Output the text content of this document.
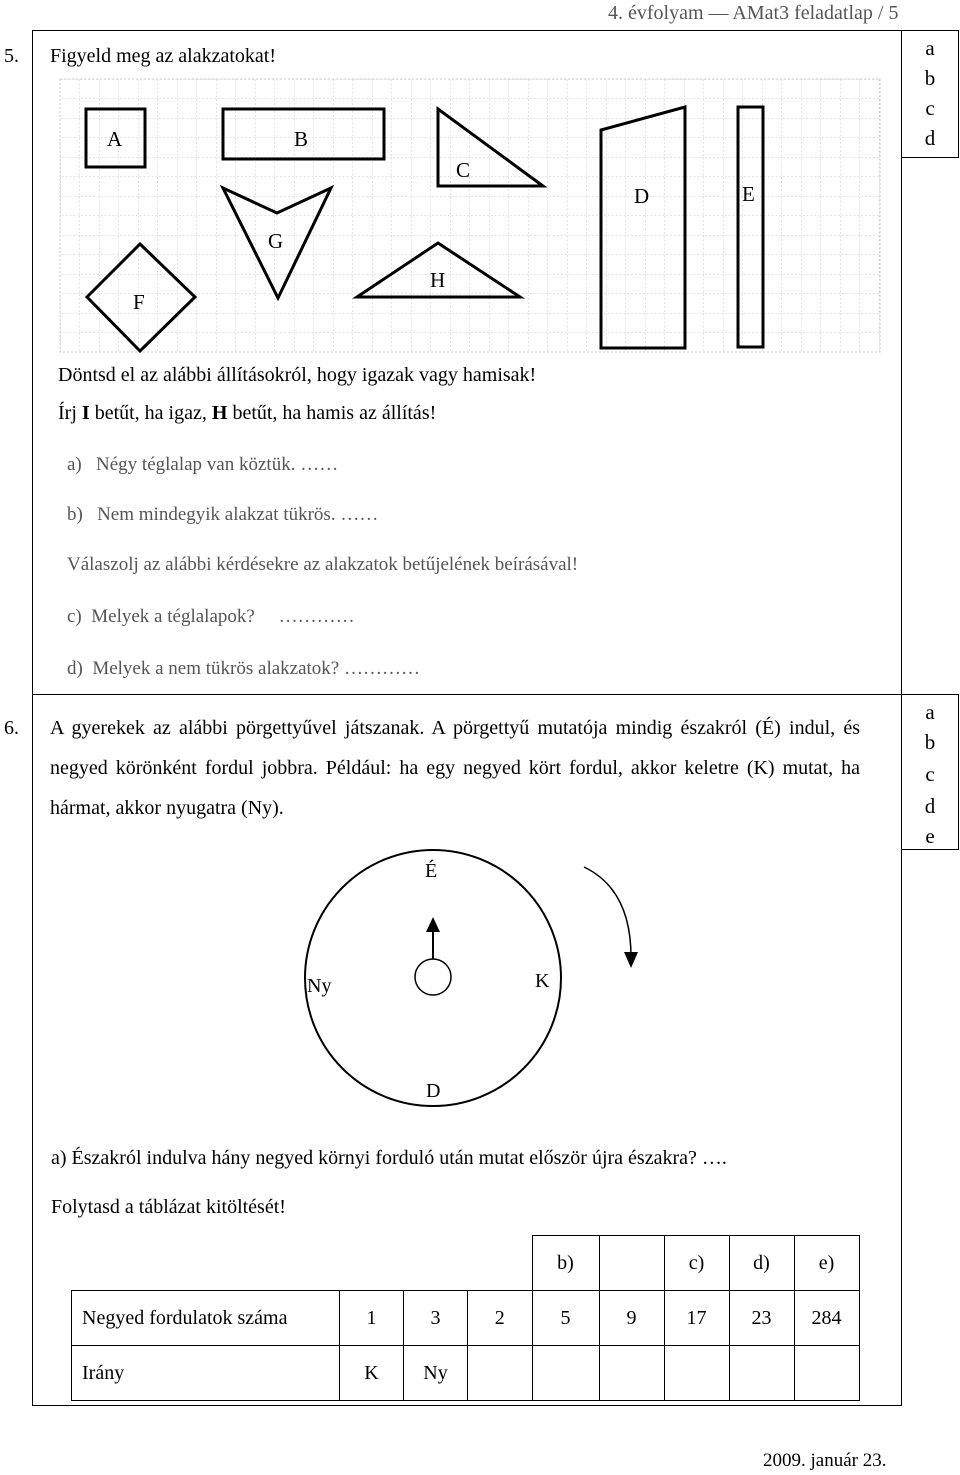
4. évfolyam — AMat3 feladatlap / 5
a
b
c
d
5. Figyeld meg az alakzatokat!
A	B
C
D	E
F
G
H
Döntsd el az alábbi állításokról, hogy igazak vagy hamisak!
Írj I betűt, ha igaz, H betűt, ha hamis az állítás!
a) Négy téglalap van köztük. ……
b) Nem mindegyik alakzat tükrös. ……
Válaszolj az alábbi kérdésekre az alakzatok betűjelének beírásával!
c) Melyek a téglalapok? …………
d) Melyek a nem tükrös alakzatok? …………
a
b
c
d
e
6. A gyerekek az alábbi pörgettyűvel játszanak. A pörgettyű mutatója mindig északról (É) indul, és negyed körönként fordul jobbra. Például: ha egy negyed kört fordul, akkor keletre (K) mutat, ha hármat, akkor nyugatra (Ny).
É
K
D
Ny
a) Északról indulva hány negyed környi forduló után mutat először újra északra? ….
Folytasd a táblázat kitöltését!
				b)		c)	d)	e)
Negyed fordulatok száma	1	3	2	5	9	17	23	284
Irány	K	Ny						
2009. január 23.
